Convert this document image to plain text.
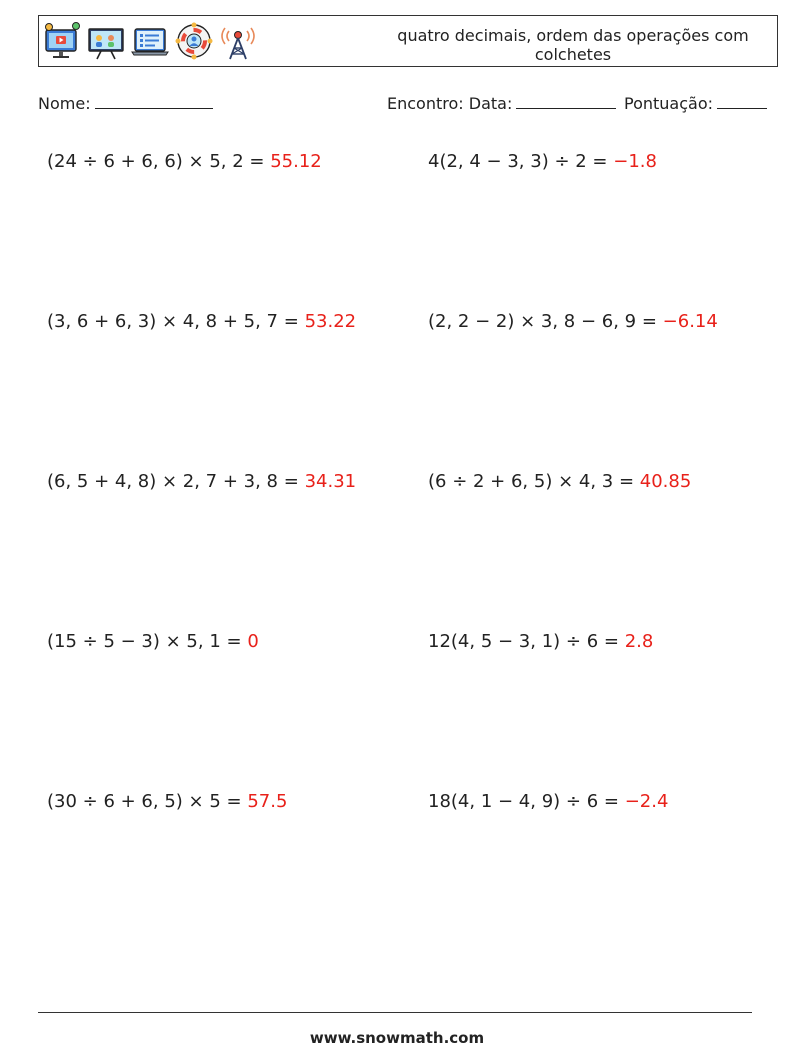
quatro decimais, ordem das operações com colchetes
Nome:	Encontro: Data:	Pontuação:
(24 ÷ 6 + 6, 6) × 5, 2 = 55.12	4(2, 4 − 3, 3) ÷ 2 = −1.8
(3, 6 + 6, 3) × 4, 8 + 5, 7 = 53.22	(2, 2 − 2) × 3, 8 − 6, 9 = −6.14
(6, 5 + 4, 8) × 2, 7 + 3, 8 = 34.31	(6 ÷ 2 + 6, 5) × 4, 3 = 40.85
(15 ÷ 5 − 3) × 5, 1 = 0	12(4, 5 − 3, 1) ÷ 6 = 2.8
(30 ÷ 6 + 6, 5) × 5 = 57.5	18(4, 1 − 4, 9) ÷ 6 = −2.4
www.snowmath.com
